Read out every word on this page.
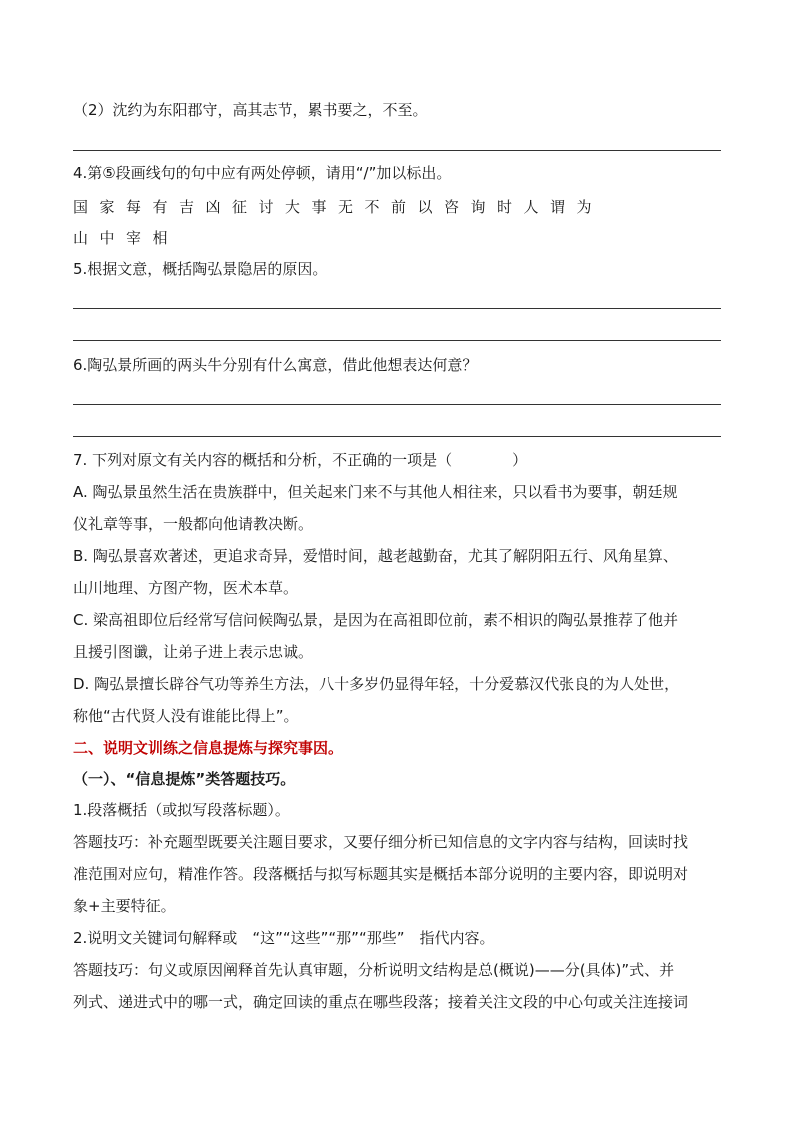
（2）沈约为东阳郡守，高其志节，累书要之，不至。
4.第⑤段画线句的句中应有两处停顿，请用“/”加以标出。
国家每有吉凶征讨大事无不前以咨询时人谓为
山中宰相
5.根据文意，概括陶弘景隐居的原因。
6.陶弘景所画的两头牛分别有什么寓意，借此他想表达何意？
7. 下列对原文有关内容的概括和分析，不正确的一项是（　　　　）
A. 陶弘景虽然生活在贵族群中，但关起来门来不与其他人相往来，只以看书为要事，朝廷规
仪礼章等事，一般都向他请教决断。
B. 陶弘景喜欢著述，更追求奇异，爱惜时间，越老越勤奋，尤其了解阴阳五行、风角星算、
山川地理、方图产物，医术本草。
C. 梁高祖即位后经常写信问候陶弘景，是因为在高祖即位前，素不相识的陶弘景推荐了他并
且援引图谶，让弟子进上表示忠诚。
D. 陶弘景擅长辟谷气功等养生方法，八十多岁仍显得年轻，十分爱慕汉代张良的为人处世，
称他“古代贤人没有谁能比得上”。
二、说明文训练之信息提炼与探究事因。
（一）、“信息提炼”类答题技巧。
1.段落概括（或拟写段落标题）。
答题技巧：补充题型既要关注题目要求，又要仔细分析已知信息的文字内容与结构，回读时找
准范围对应句，精准作答。段落概括与拟写标题其实是概括本部分说明的主要内容，即说明对
象+主要特征。
2.说明文关键词句解释或　“这”“这些”“那”“那些”　指代内容。
答题技巧：句义或原因阐释首先认真审题，分析说明文结构是总(概说)——分(具体)”式、并
列式、递进式中的哪一式，确定回读的重点在哪些段落；接着关注文段的中心句或关注连接词
